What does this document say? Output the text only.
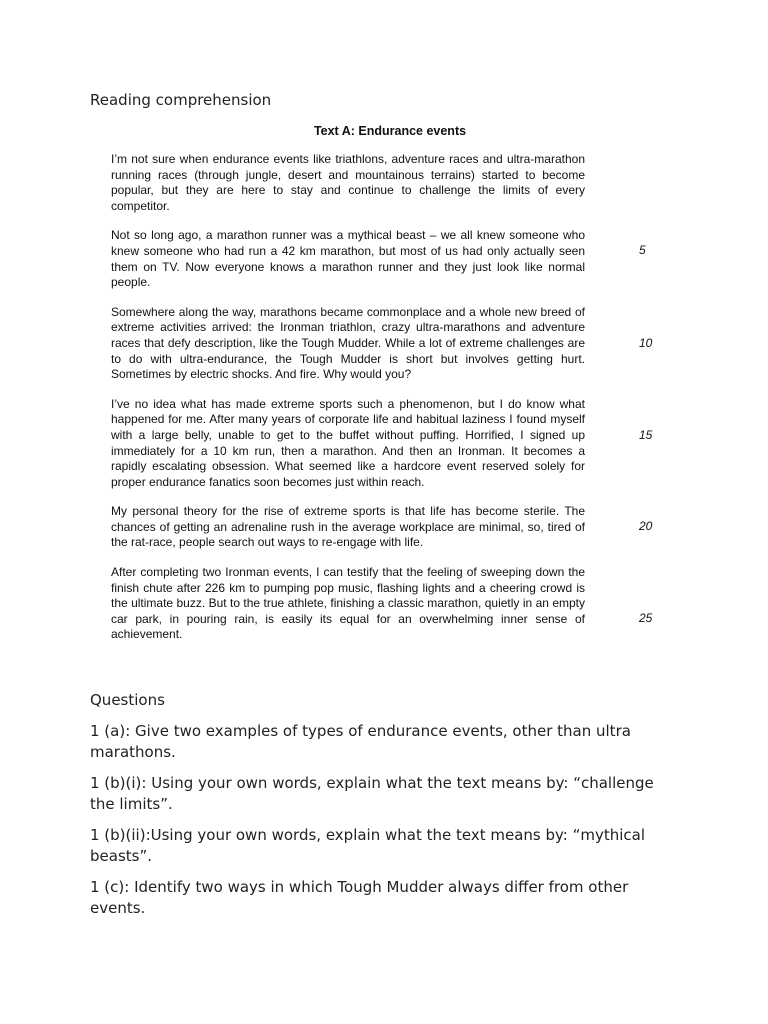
Reading comprehension
Text A: Endurance events
I’m not sure when endurance events like triathlons, adventure races and ultra-marathon running races (through jungle, desert and mountainous terrains) started to become popular, but they are here to stay and continue to challenge the limits of every competitor.
Not so long ago, a marathon runner was a mythical beast – we all knew someone who knew someone who had run a 42 km marathon, but most of us had only actually seen them on TV. Now everyone knows a marathon runner and they just look like normal people.
5
Somewhere along the way, marathons became commonplace and a whole new breed of extreme activities arrived: the Ironman triathlon, crazy ultra-marathons and adventure races that defy description, like the Tough Mudder. While a lot of extreme challenges are to do with ultra-endurance, the Tough Mudder is short but involves getting hurt. Sometimes by electric shocks. And fire. Why would you?
10
I’ve no idea what has made extreme sports such a phenomenon, but I do know what happened for me. After many years of corporate life and habitual laziness I found myself with a large belly, unable to get to the buffet without puffing. Horrified, I signed up immediately for a 10 km run, then a marathon. And then an Ironman. It becomes a rapidly escalating obsession. What seemed like a hardcore event reserved solely for proper endurance fanatics soon becomes just within reach.
15
My personal theory for the rise of extreme sports is that life has become sterile. The chances of getting an adrenaline rush in the average workplace are minimal, so, tired of the rat-race, people search out ways to re-engage with life.
20
After completing two Ironman events, I can testify that the feeling of sweeping down the finish chute after 226 km to pumping pop music, flashing lights and a cheering crowd is the ultimate buzz. But to the true athlete, finishing a classic marathon, quietly in an empty car park, in pouring rain, is easily its equal for an overwhelming inner sense of achievement.
25
Questions
1 (a): Give two examples of types of endurance events, other than ultra marathons.
1 (b)(i): Using your own words, explain what the text means by: “challenge the limits”.
1 (b)(ii):Using your own words, explain what the text means by: “mythical beasts”.
1 (c): Identify two ways in which Tough Mudder always differ from other events.
